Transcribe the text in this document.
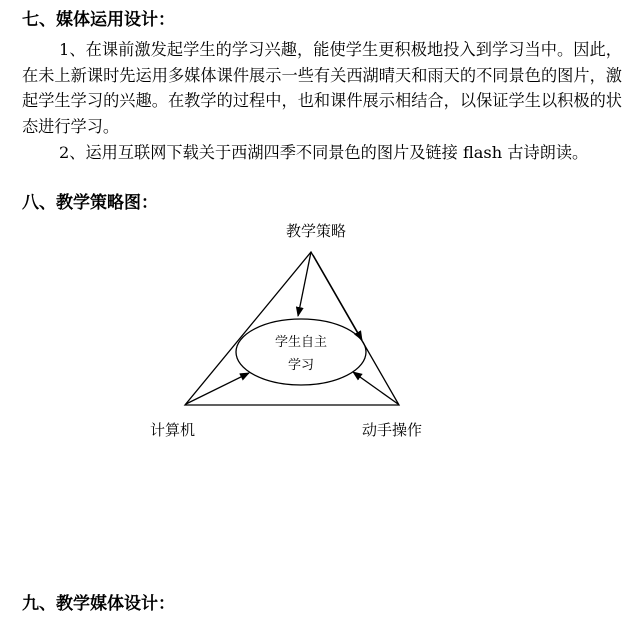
七、媒体运用设计：

1、在课前激发起学生的学习兴趣，能使学生更积极地投入到学习当中。因此，在未上新课时先运用多媒体课件展示一些有关西湖晴天和雨天的不同景色的图片，激起学生学习的兴趣。在教学的过程中，也和课件展示相结合，以保证学生以积极的状态进行学习。

2、运用互联网下载关于西湖四季不同景色的图片及链接 flash 古诗朗读。

八、教学策略图：
教学策略
学生自主
学习
计算机	动手操作
九、教学媒体设计：
